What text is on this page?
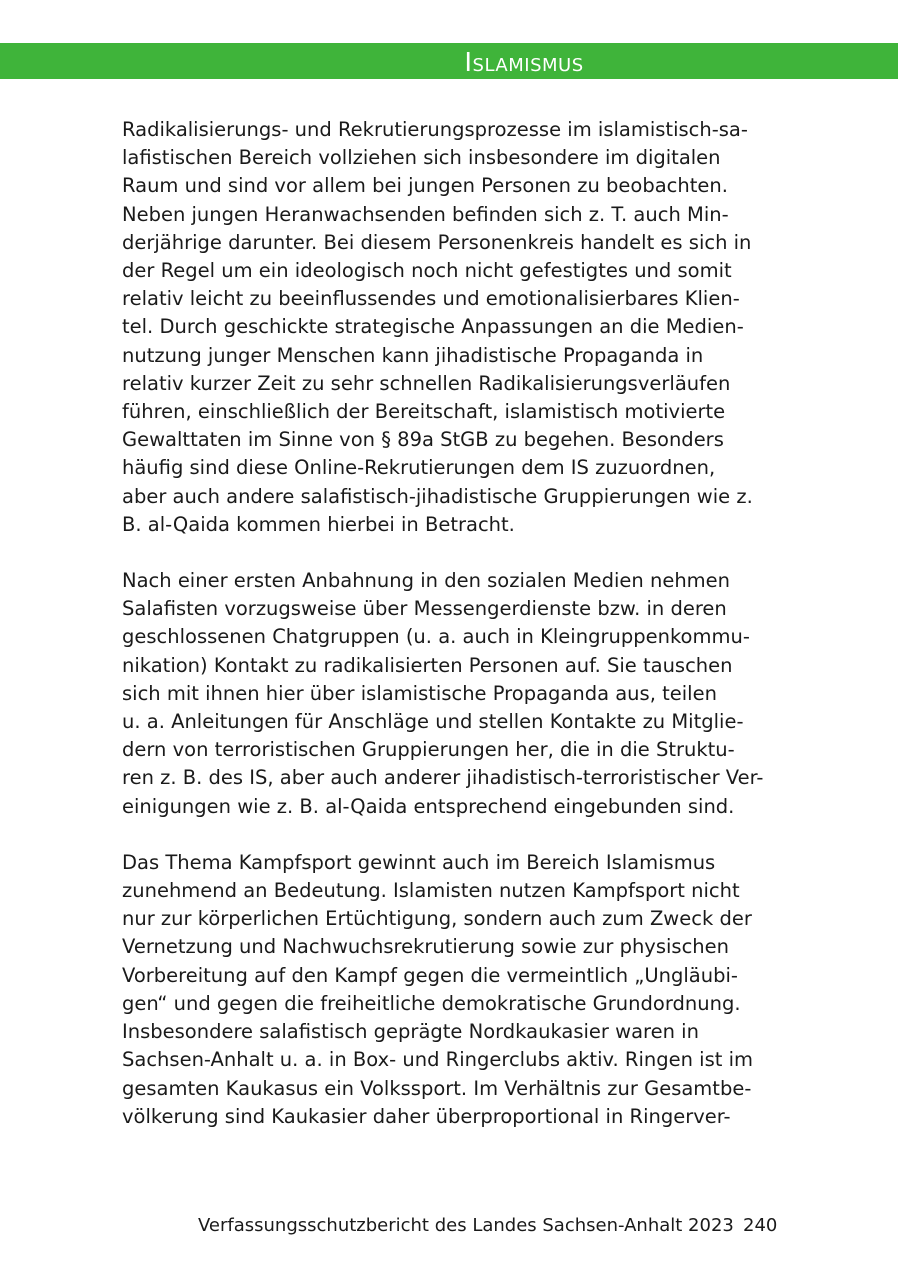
Islamismus
Radikalisierungs- und Rekrutierungsprozesse im islamistisch-sa-
lafistischen Bereich vollziehen sich insbesondere im digitalen
Raum und sind vor allem bei jungen Personen zu beobachten.
Neben jungen Heranwachsenden befinden sich z. T. auch Min-
derjährige darunter. Bei diesem Personenkreis handelt es sich in
der Regel um ein ideologisch noch nicht gefestigtes und somit
relativ leicht zu beeinflussendes und emotionalisierbares Klien-
tel. Durch geschickte strategische Anpassungen an die Medien-
nutzung junger Menschen kann jihadistische Propaganda in
relativ kurzer Zeit zu sehr schnellen Radikalisierungsverläufen
führen, einschließlich der Bereitschaft, islamistisch motivierte
Gewalttaten im Sinne von § 89a StGB zu begehen. Besonders
häufig sind diese Online-Rekrutierungen dem IS zuzuordnen,
aber auch andere salafistisch-jihadistische Gruppierungen wie z.
B. al-Qaida kommen hierbei in Betracht.
Nach einer ersten Anbahnung in den sozialen Medien nehmen
Salafisten vorzugsweise über Messengerdienste bzw. in deren
geschlossenen Chatgruppen (u. a. auch in Kleingruppenkommu-
nikation) Kontakt zu radikalisierten Personen auf. Sie tauschen
sich mit ihnen hier über islamistische Propaganda aus, teilen
u. a. Anleitungen für Anschläge und stellen Kontakte zu Mitglie-
dern von terroristischen Gruppierungen her, die in die Struktu-
ren z. B. des IS, aber auch anderer jihadistisch-terroristischer Ver-
einigungen wie z. B. al-Qaida entsprechend eingebunden sind.
Das Thema Kampfsport gewinnt auch im Bereich Islamismus
zunehmend an Bedeutung. Islamisten nutzen Kampfsport nicht
nur zur körperlichen Ertüchtigung, sondern auch zum Zweck der
Vernetzung und Nachwuchsrekrutierung sowie zur physischen
Vorbereitung auf den Kampf gegen die vermeintlich „Ungläubi-
gen“ und gegen die freiheitliche demokratische Grundordnung.
Insbesondere salafistisch geprägte Nordkaukasier waren in
Sachsen-Anhalt u. a. in Box- und Ringerclubs aktiv. Ringen ist im
gesamten Kaukasus ein Volkssport. Im Verhältnis zur Gesamtbe-
völkerung sind Kaukasier daher überproportional in Ringerver-
Verfassungsschutzbericht des Landes Sachsen-Anhalt 2023 240
